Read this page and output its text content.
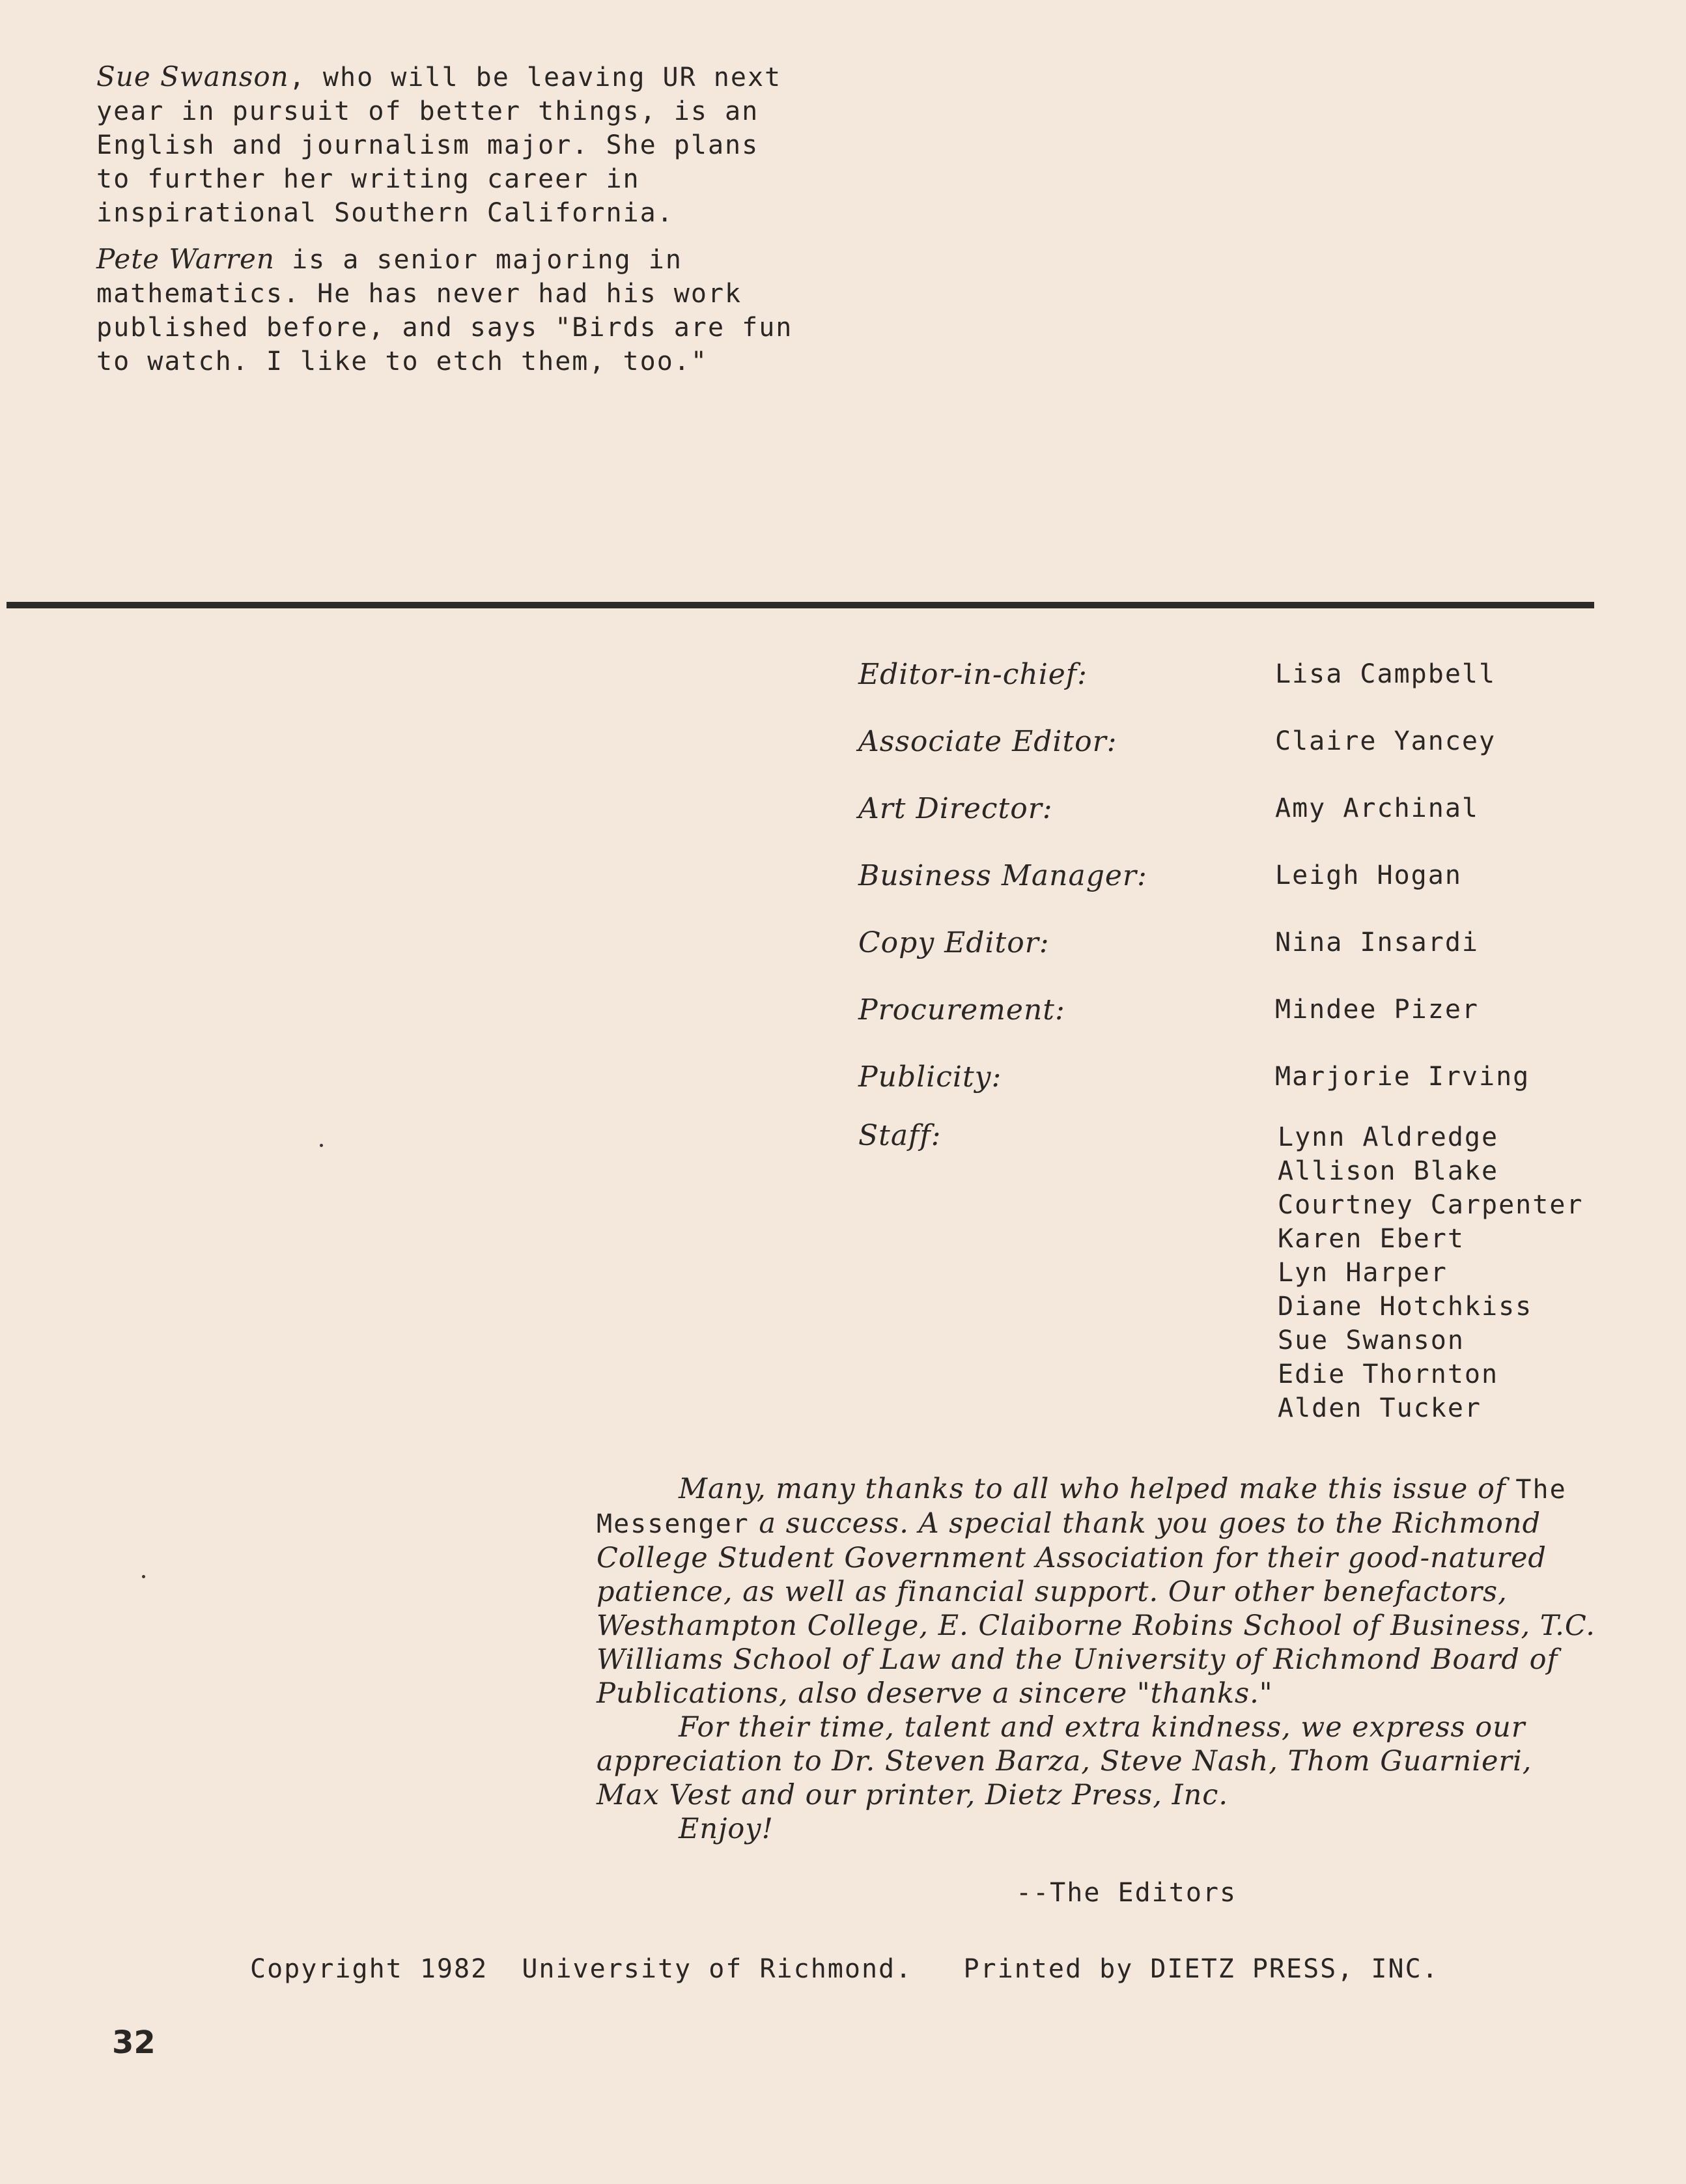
Sue Swanson, who will be leaving UR next year in pursuit of better things, is an English and journalism major. She plans to further her writing career in inspirational Southern California.

Pete Warren is a senior majoring in mathematics. He has never had his work published before, and says "Birds are fun to watch. I like to etch them, too."

Editor-in-chief:	Lisa Campbell
Associate Editor:	Claire Yancey
Art Director:	Amy Archinal
Business Manager:	Leigh Hogan
Copy Editor:	Nina Insardi
Procurement:	Mindee Pizer
Publicity:	Marjorie Irving
Staff:	Lynn Aldredge
Allison Blake
Courtney Carpenter
Karen Ebert
Lyn Harper
Diane Hotchkiss
Sue Swanson
Edie Thornton
Alden Tucker

Many, many thanks to all who helped make this issue of The Messenger a success. A special thank you goes to the Richmond College Student Government Association for their good-natured patience, as well as financial support. Our other benefactors, Westhampton College, E. Claiborne Robins School of Business, T.C. Williams School of Law and the University of Richmond Board of Publications, also deserve a sincere "thanks."

For their time, talent and extra kindness, we express our appreciation to Dr. Steven Barza, Steve Nash, Thom Guarnieri, Max Vest and our printer, Dietz Press, Inc.

Enjoy!

--The Editors
Copyright 1982  University of Richmond.   Printed by DIETZ PRESS, INC.
32
